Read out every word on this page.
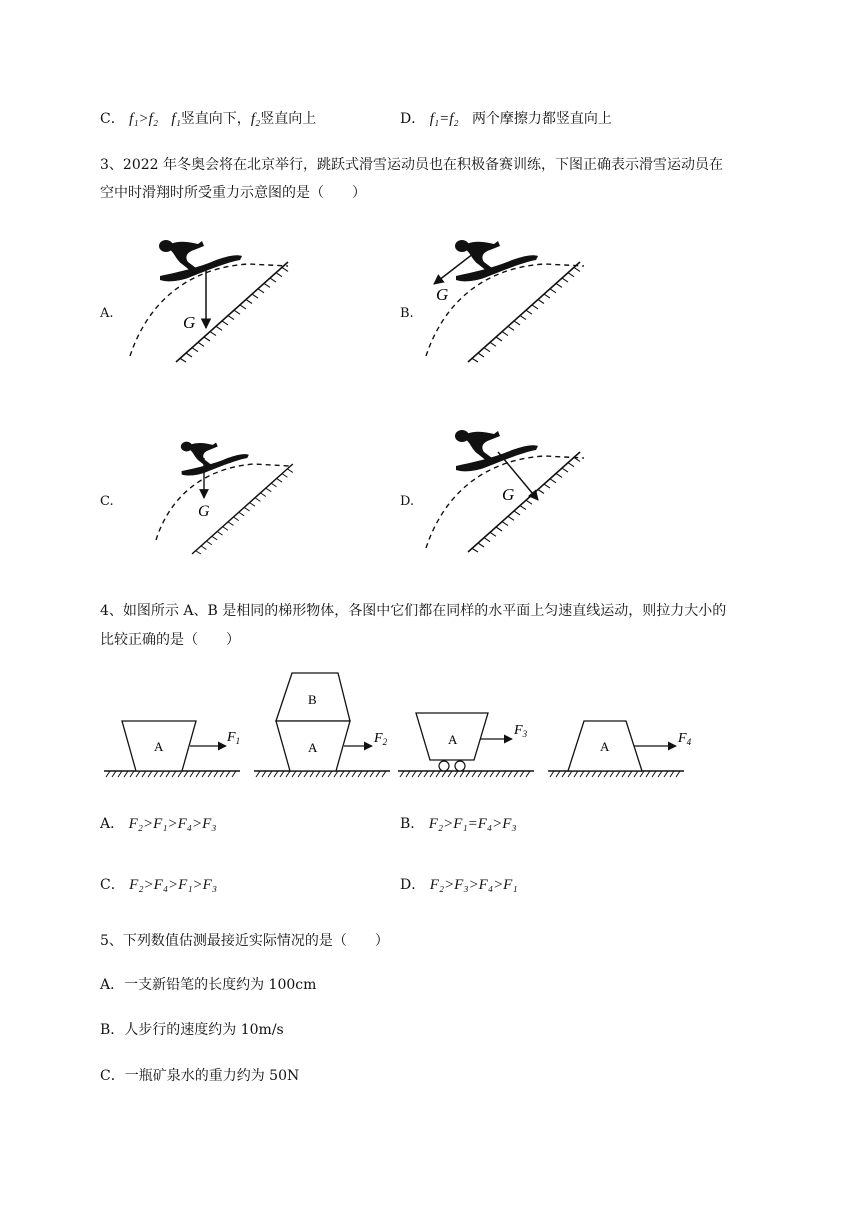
C． f₁>f₂ f₁竖直向下，f₂竖直向上	D． f₁=f₂ 两个摩擦力都竖直向上
3、2022 年冬奥会将在北京举行，跳跃式滑雪运动员也在积极备赛训练，下图正确表示滑雪运动员在
空中时滑翔时所受重力示意图的是（　　）
A.	B.
C.	D.
G
G
G
G
4、如图所示 A、B 是相同的梯形物体，各图中它们都在同样的水平面上匀速直线运动，则拉力大小的
比较正确的是（　　）
A
$F_1$
B
A
$F_2$	A
$F_3$
A
$F_4$
A． F₂>F₁>F₄>F₃	B． F₂>F₁=F₄>F₃
C． F₂>F₄>F₁>F₃	D． F₂>F₃>F₄>F₁
5、下列数值估测最接近实际情况的是（　　）
A．一支新铅笔的长度约为 100cm
B．人步行的速度约为 10m/s
C．一瓶矿泉水的重力约为 50N
